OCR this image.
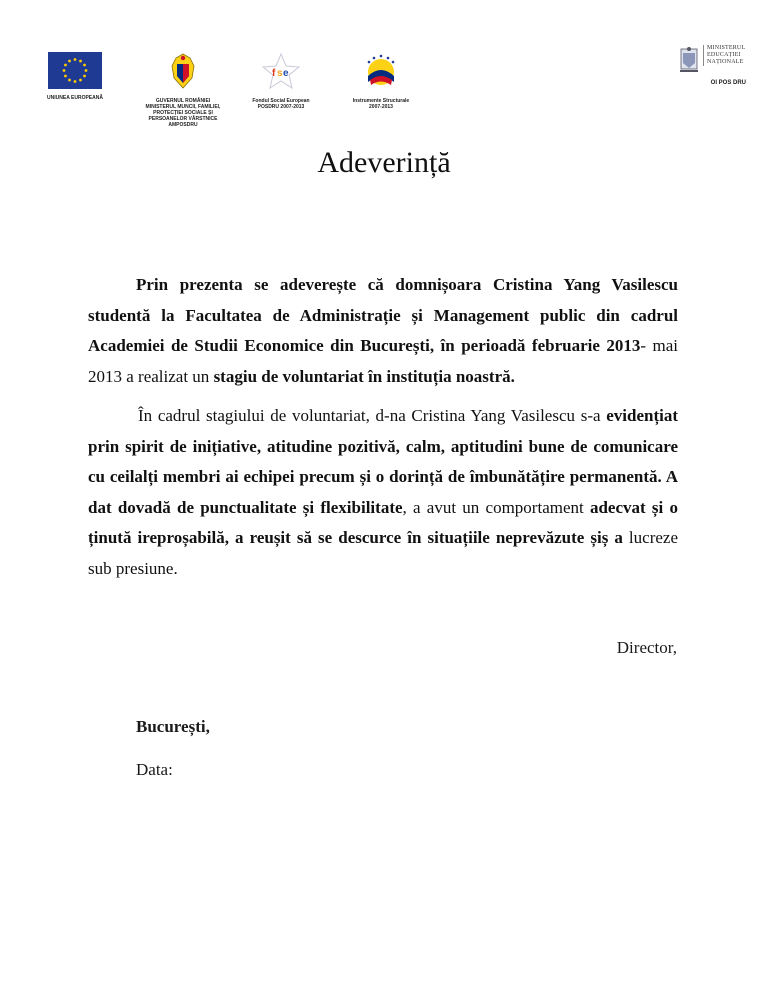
UNIUNEA EUROPEANĂ	GUVERNUL ROMÂNIEI MINISTERUL MUNCII, FAMILIEI, PROTECȚIEI SOCIALE ȘI PERSOANELOR VÂRSTNICE AMPOSDRU
f s e
Fondul Social European POSDRU 2007-2013
Instrumente Structurale 2007-2013
MINISTERUL
EDUCAȚIEI
NAȚIONALE
OI POS DRU
Adeverință
Prin prezenta se adeverește că domnișoara Cristina Yang Vasilescu studentă la Facultatea de Administrație și Management public din cadrul Academiei de Studii Economice din București, în perioadă februarie 2013- mai 2013 a realizat un stagiu de voluntariat în instituția noastră.
În cadrul stagiului de voluntariat, d-na Cristina Yang Vasilescu s-a evidențiat prin spirit de inițiative, atitudine pozitivă, calm, aptitudini bune de comunicare cu ceilalți membri ai echipei precum și o dorință de îmbunătățire permanentă. A dat dovadă de punctualitate și flexibilitate, a avut un comportament adecvat și o ținută ireproșabilă, a reușit să se descurce în situațiile neprevăzute șiș a lucreze sub presiune.
Director,
București,
Data:
